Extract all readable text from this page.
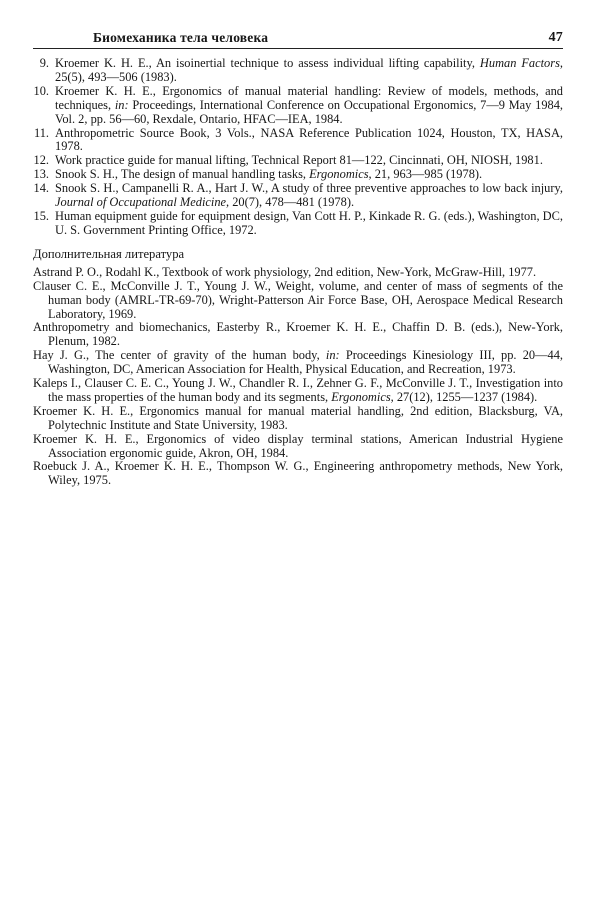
Биомеханика тела человека	47
9. Kroemer K. H. E., An isoinertial technique to assess individual lifting capability, Human Factors, 25(5), 493—506 (1983).
10. Kroemer K. H. E., Ergonomics of manual material handling: Review of models, methods, and techniques, in: Proceedings, International Conference on Occupational Ergonomics, 7—9 May 1984, Vol. 2, pp. 56—60, Rexdale, Ontario, HFAC—IEA, 1984.
11. Anthropometric Source Book, 3 Vols., NASA Reference Publication 1024, Houston, TX, HASA, 1978.
12. Work practice guide for manual lifting, Technical Report 81—122, Cincinnati, OH, NIOSH, 1981.
13. Snook S. H., The design of manual handling tasks, Ergonomics, 21, 963—985 (1978).
14. Snook S. H., Campanelli R. A., Hart J. W., A study of three preventive approaches to low back injury, Journal of Occupational Medicine, 20(7), 478—481 (1978).
15. Human equipment guide for equipment design, Van Cott H. P., Kinkade R. G. (eds.), Washington, DC, U. S. Government Printing Office, 1972.
Дополнительная литература

Astrand P. O., Rodahl K., Textbook of work physiology, 2nd edition, New-York, McGraw-Hill, 1977.

Clauser C. E., McConville J. T., Young J. W., Weight, volume, and center of mass of segments of the human body (AMRL-TR-69-70), Wright-Patterson Air Force Base, OH, Aerospace Medical Research Laboratory, 1969.

Anthropometry and biomechanics, Easterby R., Kroemer K. H. E., Chaffin D. B. (eds.), New-York, Plenum, 1982.

Hay J. G., The center of gravity of the human body, in: Proceedings Kinesiology III, pp. 20—44, Washington, DC, American Association for Health, Physical Education, and Recreation, 1973.

Kaleps I., Clauser C. E. C., Young J. W., Chandler R. I., Zehner G. F., McConville J. T., Investigation into the mass properties of the human body and its segments, Ergonomics, 27(12), 1255—1237 (1984).

Kroemer K. H. E., Ergonomics manual for manual material handling, 2nd edition, Blacksburg, VA, Polytechnic Institute and State University, 1983.

Kroemer K. H. E., Ergonomics of video display terminal stations, American Industrial Hygiene Association ergonomic guide, Akron, OH, 1984.

Roebuck J. A., Kroemer K. H. E., Thompson W. G., Engineering anthropometry methods, New York, Wiley, 1975.
